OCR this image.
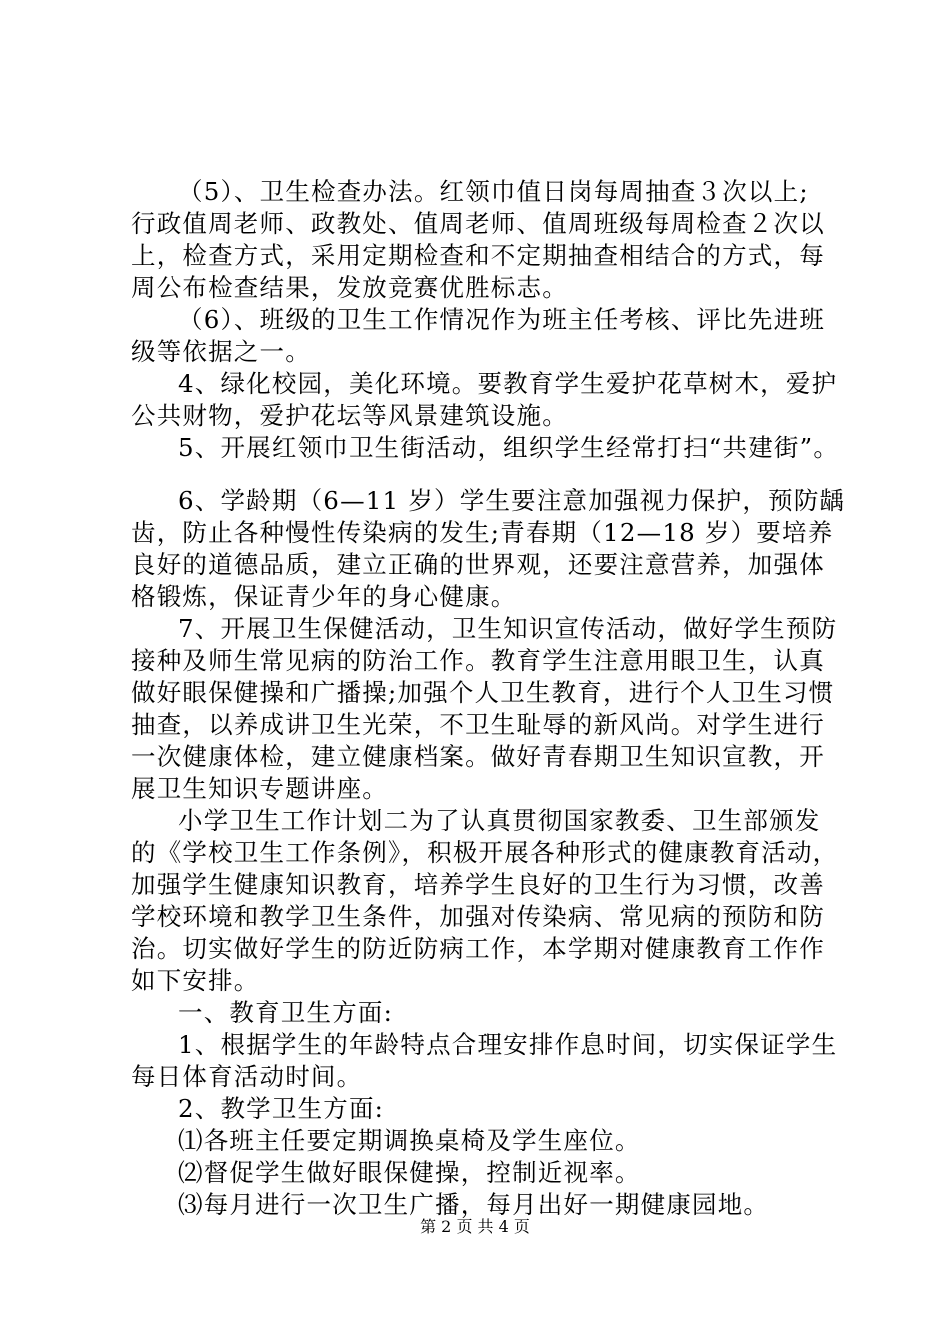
（5）、卫生检查办法。红领巾值日岗每周抽查３次以上;
行政值周老师、政教处、值周老师、值周班级每周检查２次以
上，检查方式，采用定期检查和不定期抽查相结合的方式，每
周公布检查结果，发放竞赛优胜标志。
（6）、班级的卫生工作情况作为班主任考核、评比先进班
级等依据之一。
4、绿化校园，美化环境。要教育学生爱护花草树木，爱护
公共财物，爱护花坛等风景建筑设施。
5、开展红领巾卫生街活动，组织学生经常打扫“共建街”。
6、学龄期（6—11 岁）学生要注意加强视力保护，预防龋
齿，防止各种慢性传染病的发生;青春期（12—18 岁）要培养
良好的道德品质，建立正确的世界观，还要注意营养，加强体
格锻炼，保证青少年的身心健康。
7、开展卫生保健活动，卫生知识宣传活动，做好学生预防
接种及师生常见病的防治工作。教育学生注意用眼卫生，认真
做好眼保健操和广播操;加强个人卫生教育，进行个人卫生习惯
抽查，以养成讲卫生光荣，不卫生耻辱的新风尚。对学生进行
一次健康体检，建立健康档案。做好青春期卫生知识宣教，开
展卫生知识专题讲座。
小学卫生工作计划二为了认真贯彻国家教委、卫生部颁发
的《学校卫生工作条例》，积极开展各种形式的健康教育活动，
加强学生健康知识教育，培养学生良好的卫生行为习惯，改善
学校环境和教学卫生条件，加强对传染病、常见病的预防和防
治。切实做好学生的防近防病工作，本学期对健康教育工作作
如下安排。
一、教育卫生方面:
1、根据学生的年龄特点合理安排作息时间，切实保证学生
每日体育活动时间。
2、教学卫生方面:
⑴各班主任要定期调换桌椅及学生座位。
⑵督促学生做好眼保健操，控制近视率。
⑶每月进行一次卫生广播，每月出好一期健康园地。
第 2 页 共 4 页
